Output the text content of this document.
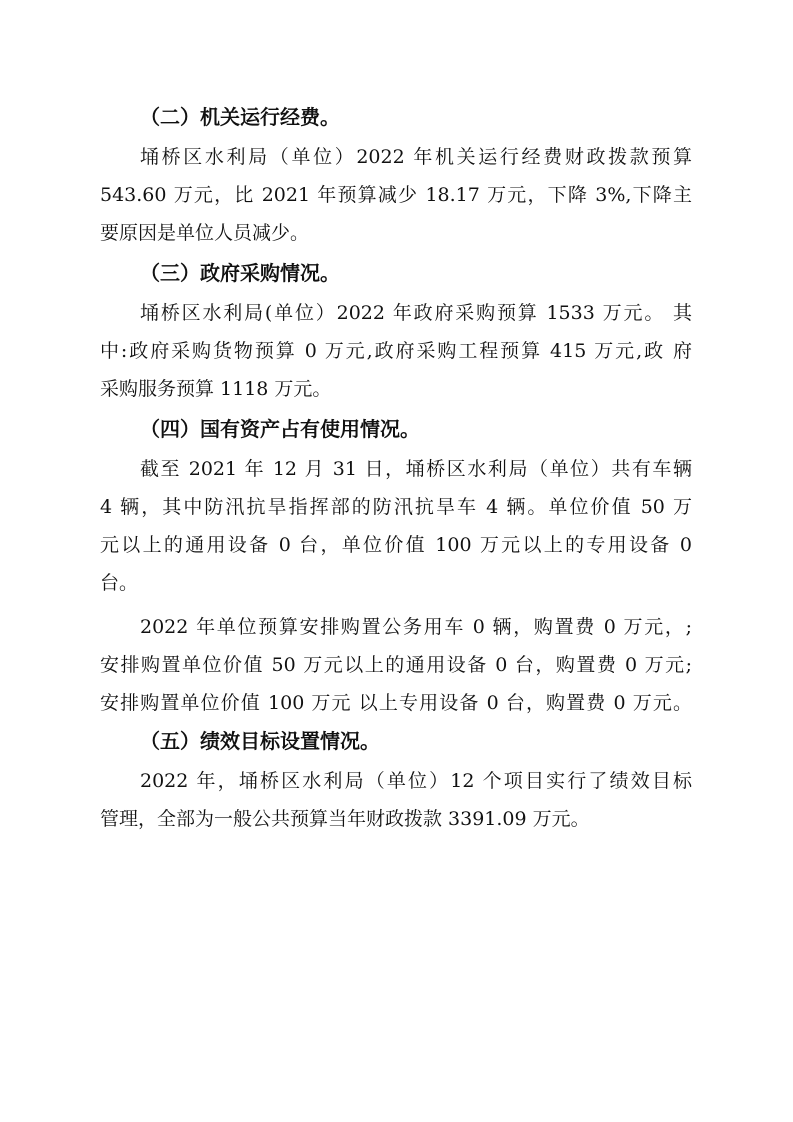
（二）机关运行经费。
埇桥区水利局（单位）2022 年机关运行经费财政拨款预算
543.60 万元，比 2021 年预算减少 18.17 万元，下降 3%,下降主
要原因是单位人员减少。
（三）政府采购情况。
埇桥区水利局(单位）2022 年政府采购预算 1533 万元。 其
中:政府采购货物预算 0 万元,政府采购工程预算 415 万元,政 府
采购服务预算 1118 万元。
（四）国有资产占有使用情况。
截至 2021 年 12 月 31 日，埇桥区水利局（单位）共有车辆
4 辆，其中防汛抗旱指挥部的防汛抗旱车 4 辆。单位价值 50 万
元以上的通用设备 0 台，单位价值 100 万元以上的专用设备 0
台。
2022 年单位预算安排购置公务用车 0 辆，购置费 0 万元，;
安排购置单位价值 50 万元以上的通用设备 0 台，购置费 0 万元;
安排购置单位价值 100 万元 以上专用设备 0 台，购置费 0 万元。
（五）绩效目标设置情况。
2022 年，埇桥区水利局（单位）12 个项目实行了绩效目标
管理，全部为一般公共预算当年财政拨款 3391.09 万元。
